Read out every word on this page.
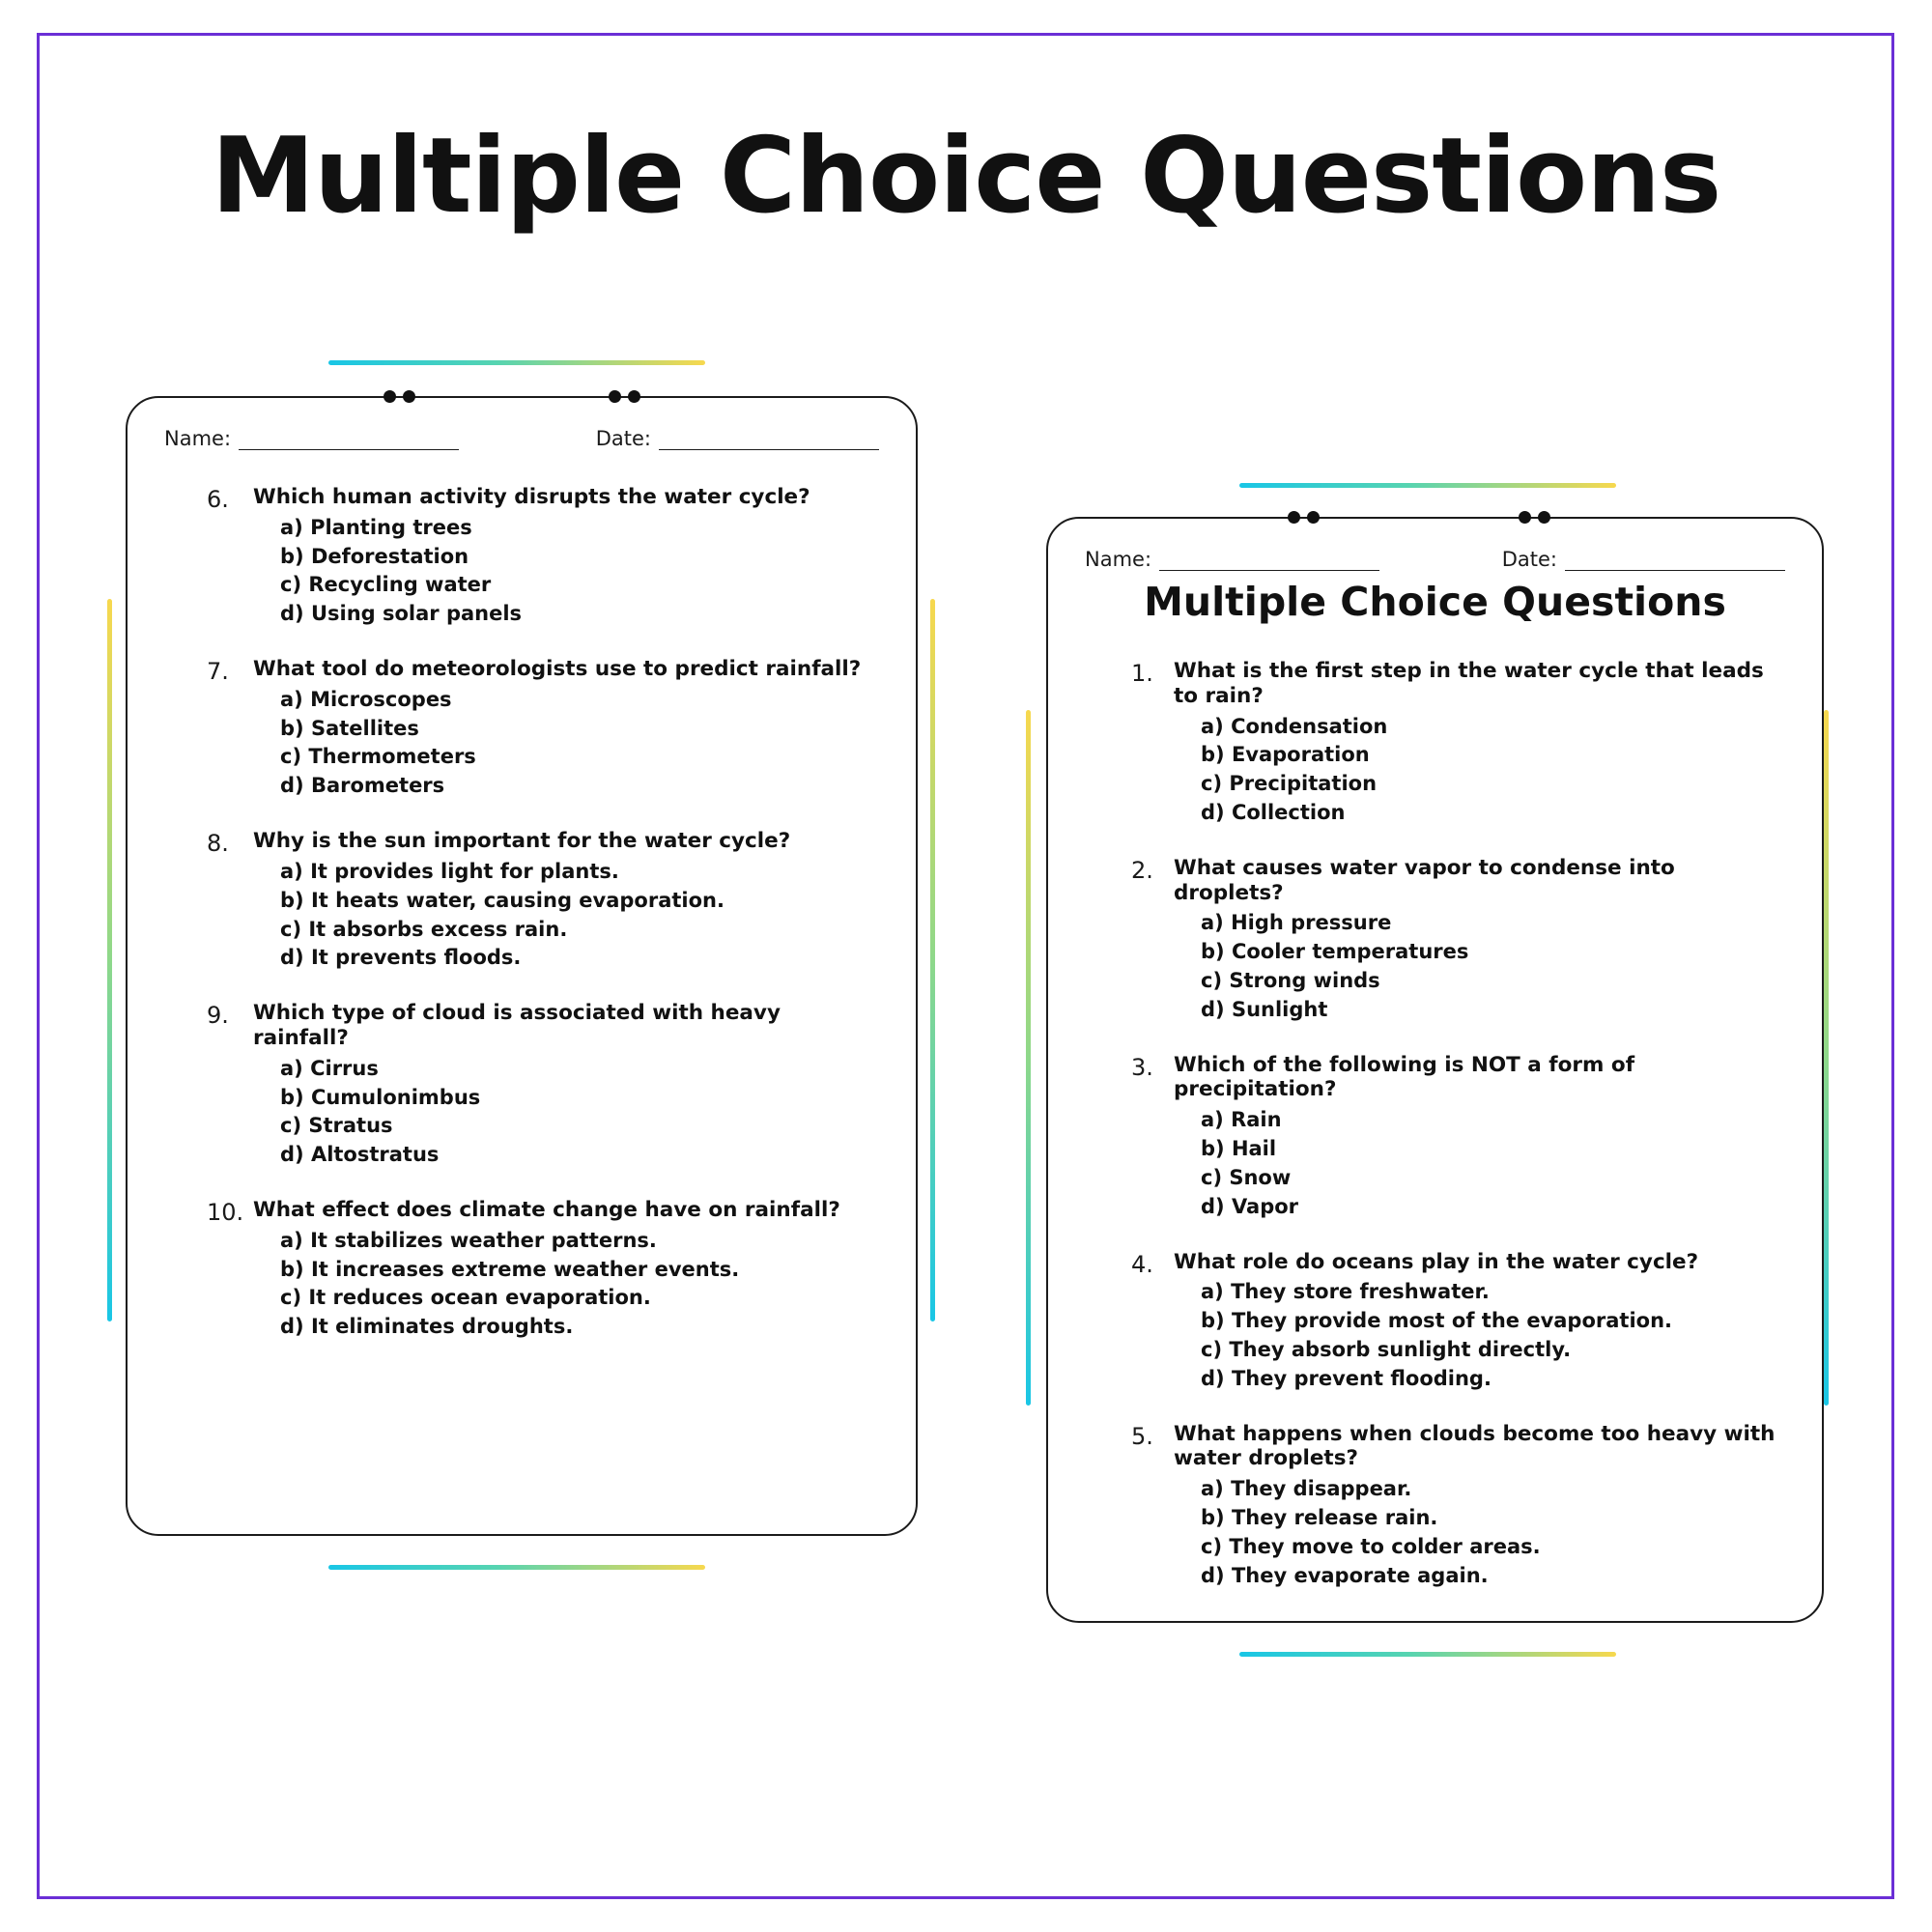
Multiple Choice Questions
Name:	Date:
6. Which human activity disrupts the water cycle?
a) Planting trees
b) Deforestation
c) Recycling water
d) Using solar panels
7. What tool do meteorologists use to predict rainfall?
a) Microscopes
b) Satellites
c) Thermometers
d) Barometers
8. Why is the sun important for the water cycle?
a) It provides light for plants.
b) It heats water, causing evaporation.
c) It absorbs excess rain.
d) It prevents floods.
9. Which type of cloud is associated with heavy rainfall?
a) Cirrus
b) Cumulonimbus
c) Stratus
d) Altostratus
10. What effect does climate change have on rainfall?
a) It stabilizes weather patterns.
b) It increases extreme weather events.
c) It reduces ocean evaporation.
d) It eliminates droughts.
Name:	Date:
Multiple Choice Questions
1. What is the first step in the water cycle that leads to rain?
a) Condensation
b) Evaporation
c) Precipitation
d) Collection
2. What causes water vapor to condense into droplets?
a) High pressure
b) Cooler temperatures
c) Strong winds
d) Sunlight
3. Which of the following is NOT a form of precipitation?
a) Rain
b) Hail
c) Snow
d) Vapor
4. What role do oceans play in the water cycle?
a) They store freshwater.
b) They provide most of the evaporation.
c) They absorb sunlight directly.
d) They prevent flooding.
5. What happens when clouds become too heavy with water droplets?
a) They disappear.
b) They release rain.
c) They move to colder areas.
d) They evaporate again.
